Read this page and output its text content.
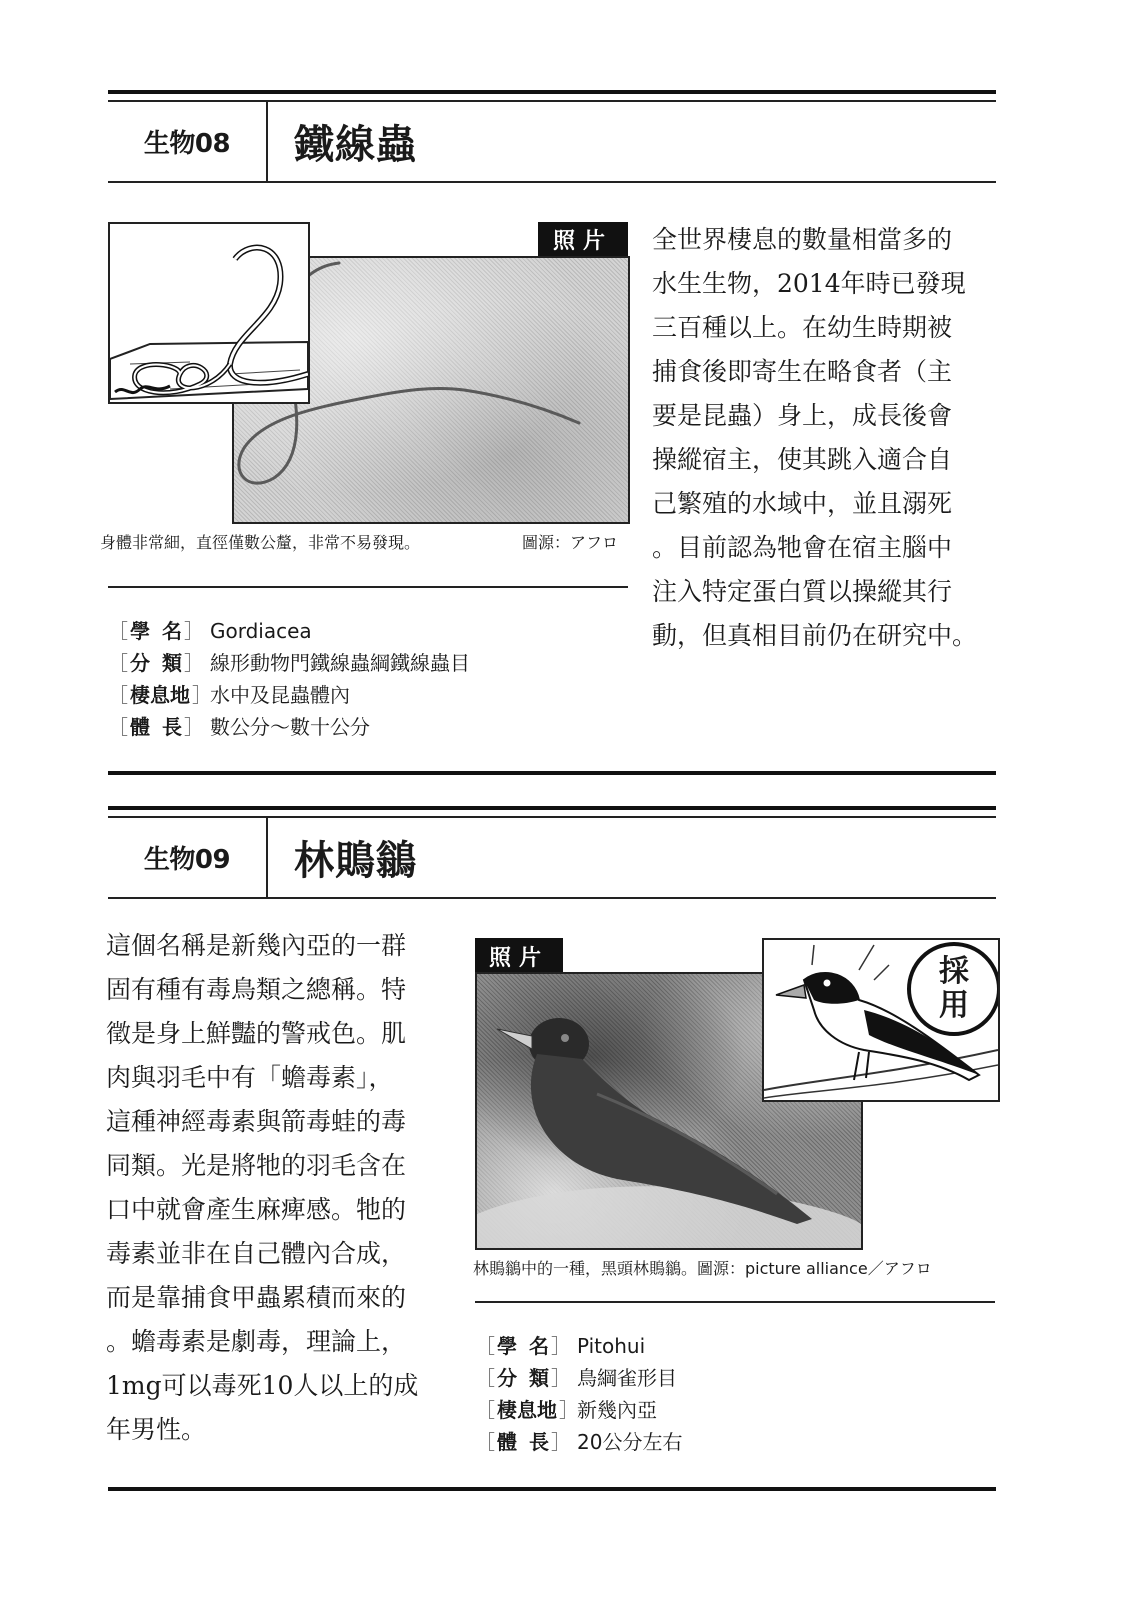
生物08	鐵線蟲
照片
身體非常細，直徑僅數公釐，非常不易發現。	圖源：アフロ
［ 學 名 ］ Gordiacea
［ 分 類 ］ 線形動物門鐵線蟲綱鐵線蟲目
［ 棲 息 地 ］
水中及昆蟲體內
［ 體 長 ］ 數公分～數十公分
全世界棲息的數量相當多的
水生生物，2014年時已發現
三百種以上。在幼生時期被
捕食後即寄生在略食者（主
要是昆蟲）身上，成長後會
操縱宿主，使其跳入適合自
己繁殖的水域中，並且溺死
。目前認為牠會在宿主腦中
注入特定蛋白質以操縱其行
動，但真相目前仍在研究中。
生物09	林鵙鶲
這個名稱是新幾內亞的一群
固有種有毒鳥類之總稱。特
徵是身上鮮豔的警戒色。肌
肉與羽毛中有「蟾毒素」，
這種神經毒素與箭毒蛙的毒
同類。光是將牠的羽毛含在
口中就會產生麻痺感。牠的
毒素並非在自己體內合成，
而是靠捕食甲蟲累積而來的
。蟾毒素是劇毒，理論上，
1mg可以毒死10人以上的成
年男性。
照片	採
用
林鵙鶲中的一種，黑頭林鵙鶲。圖源：picture alliance／アフロ
［ 學 名 ］ Pitohui
［ 分 類 ］ 鳥綱雀形目
［ 棲 息 地 ］
新幾內亞
［ 體 長 ］ 20公分左右
